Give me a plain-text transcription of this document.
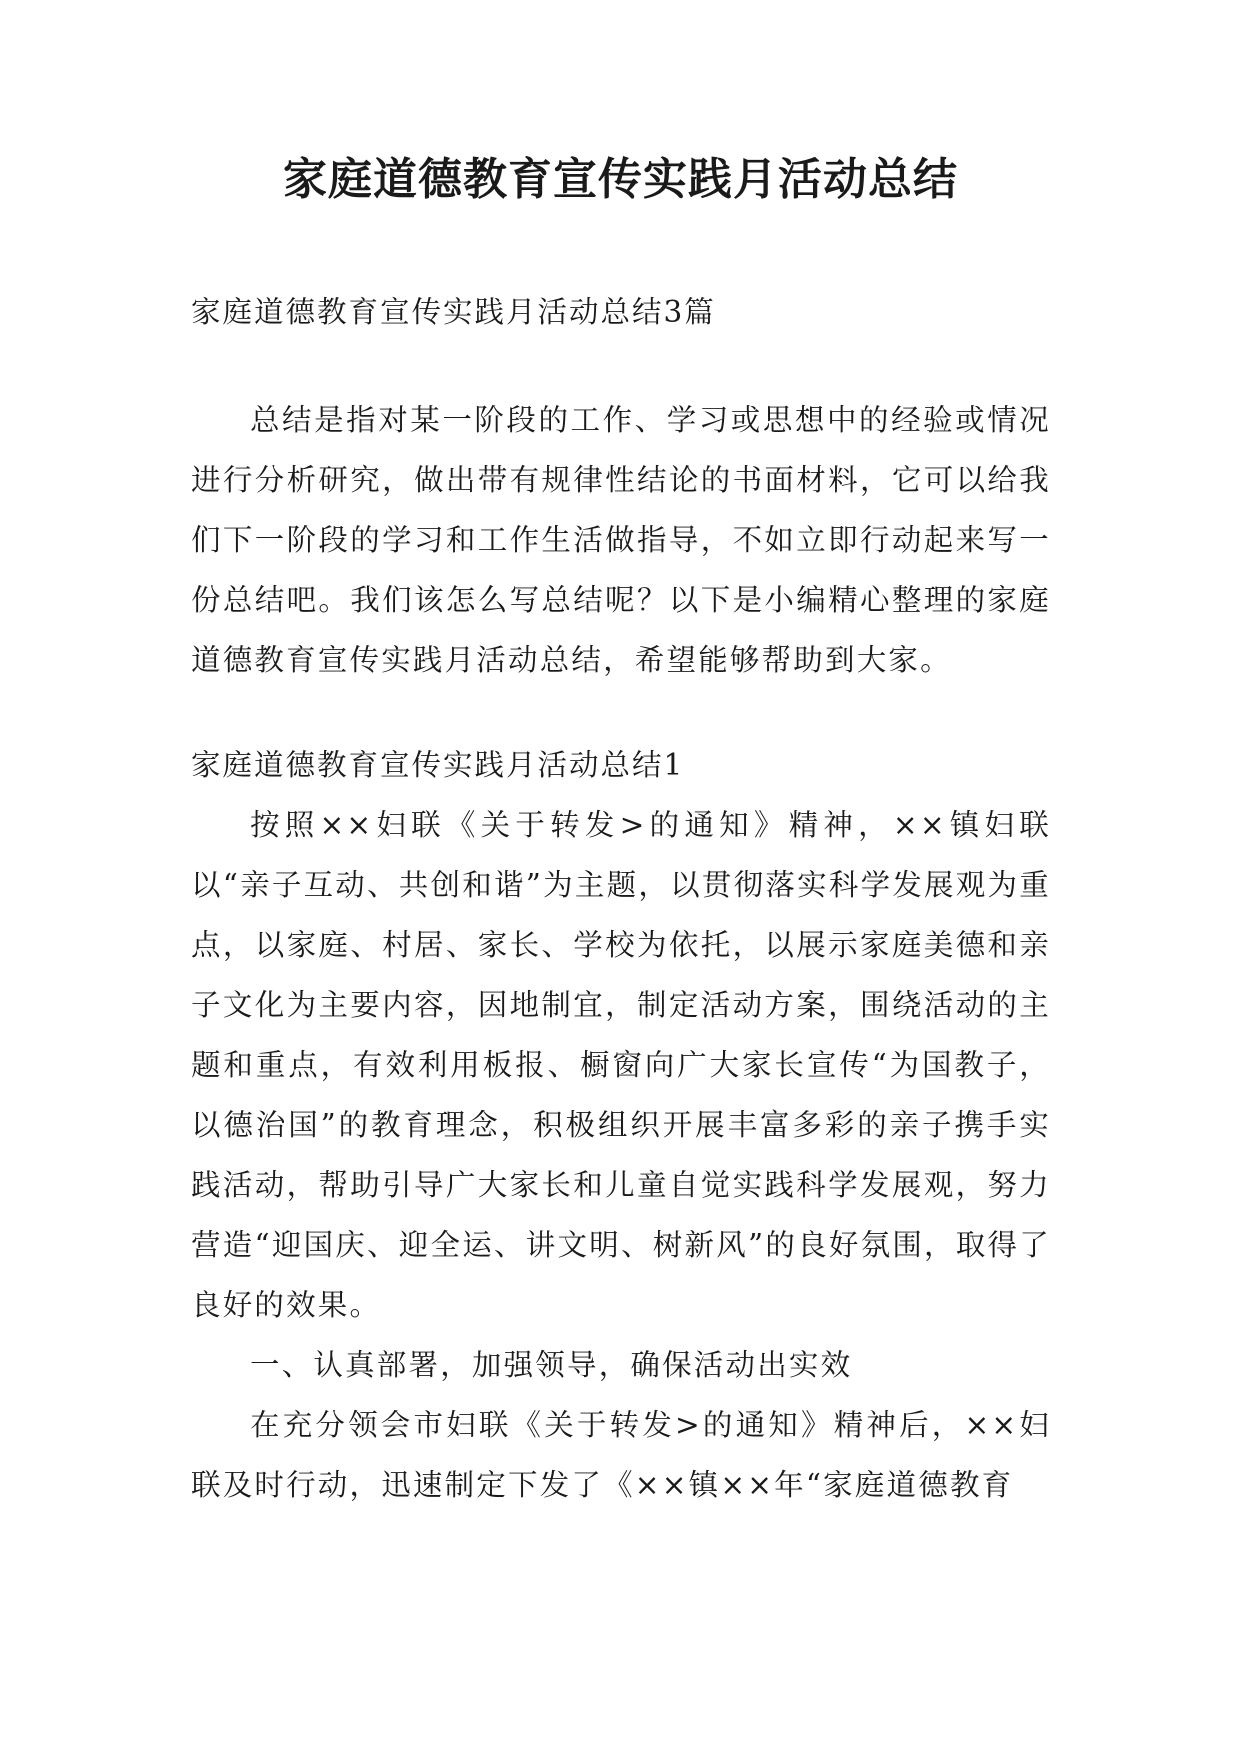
家庭道德教育宣传实践月活动总结

家庭道德教育宣传实践月活动总结3篇

总结是指对某一阶段的工作、学习或思想中的经验或情况进行分析研究，做出带有规律性结论的书面材料，它可以给我们下一阶段的学习和工作生活做指导，不如立即行动起来写一份总结吧。我们该怎么写总结呢？以下是小编精心整理的家庭道德教育宣传实践月活动总结，希望能够帮助到大家。

家庭道德教育宣传实践月活动总结1

按照××妇联《关于转发>的通知》精神，××镇妇联以“亲子互动、共创和谐”为主题，以贯彻落实科学发展观为重点，以家庭、村居、家长、学校为依托，以展示家庭美德和亲子文化为主要内容，因地制宜，制定活动方案，围绕活动的主题和重点，有效利用板报、橱窗向广大家长宣传“为国教子，以德治国”的教育理念，积极组织开展丰富多彩的亲子携手实践活动，帮助引导广大家长和儿童自觉实践科学发展观，努力营造“迎国庆、迎全运、讲文明、树新风”的良好氛围，取得了良好的效果。

一、认真部署，加强领导，确保活动出实效

在充分领会市妇联《关于转发>的通知》精神后，××妇联及时行动，迅速制定下发了《××镇××年“家庭道德教育
